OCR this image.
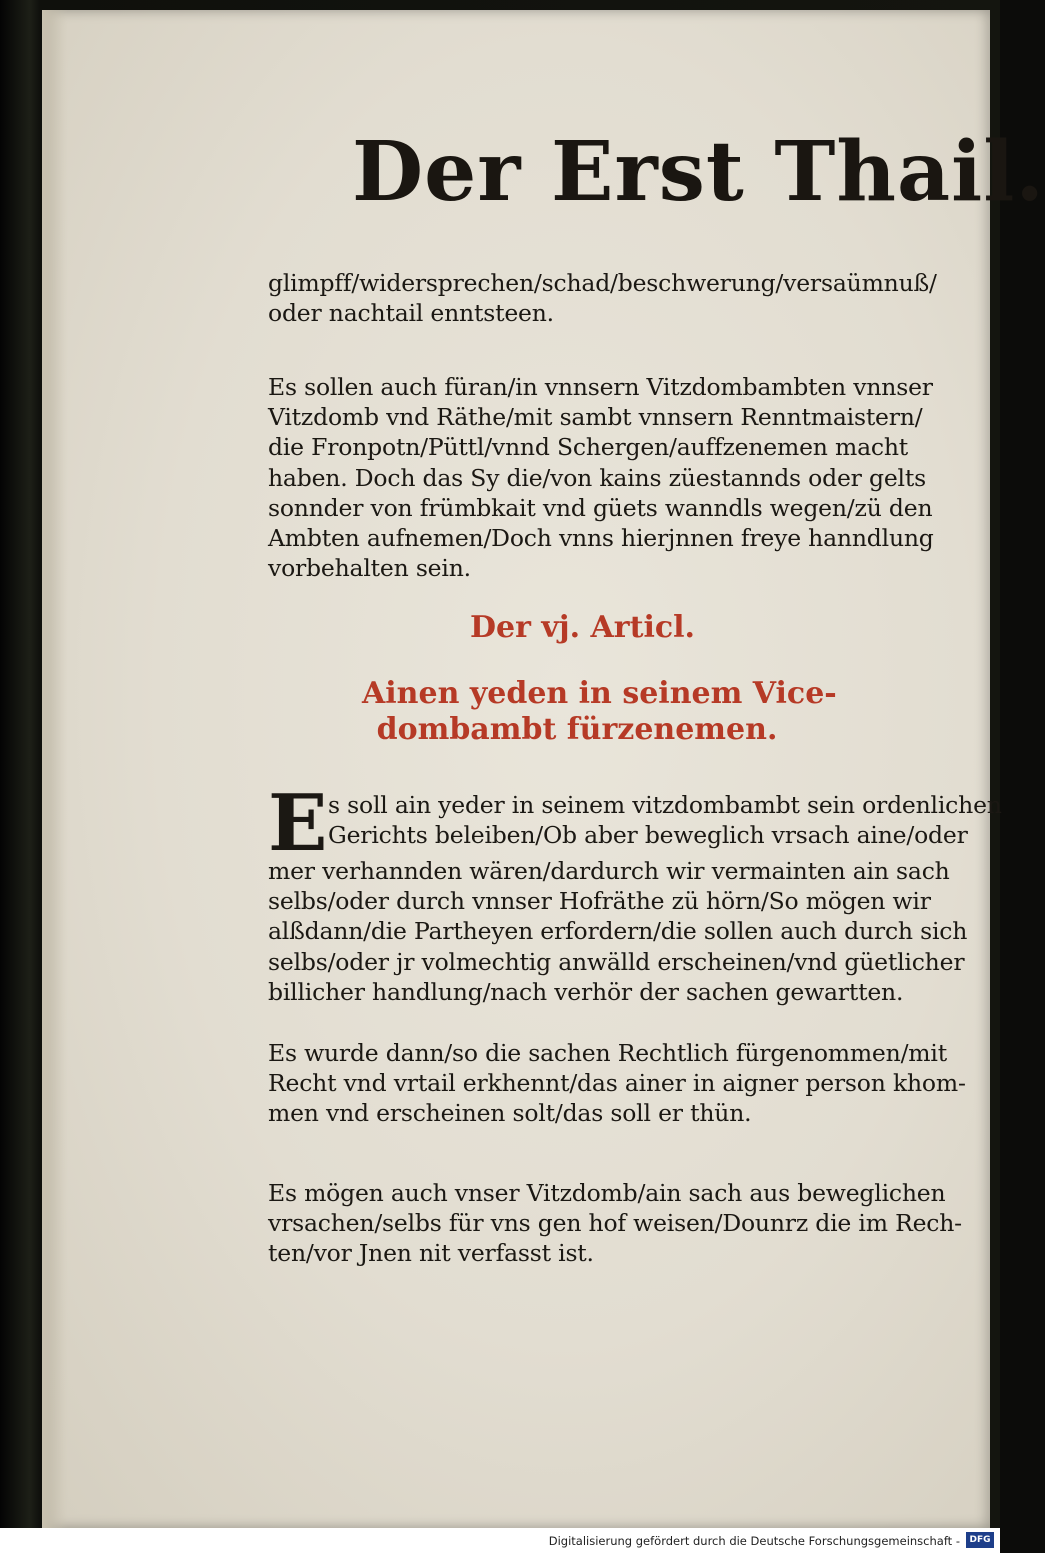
Der Erst Thail.
glimpff/widersprechen/schad/beschwerung/versaümnuß/
oder nachtail enntsteen.
Es sollen auch füran/in vnnsern Vitzdombambten vnnser
Vitzdomb vnd Räthe/mit sambt vnnsern Renntmaistern/
die Fronpotn/Püttl/vnnd Schergen/auffzenemen macht
haben. Doch das Sy die/von kains züestannds oder gelts
sonnder von frümbkait vnd güets wanndls wegen/zü den
Ambten aufnemen/Doch vnns hierjnnen freye hanndlung
vorbehalten sein.
Der vj. Articl.
Ainen yeden in seinem Vice-
dombambt fürzenemen.
E s soll ain yeder in seinem vitzdombambt sein ordenlichen
Gerichts beleiben/Ob aber beweglich vrsach aine/oder
mer verhannden wären/dardurch wir vermainten ain sach
selbs/oder durch vnnser Hofräthe zü hörn/So mögen wir
alßdann/die Partheyen erfordern/die sollen auch durch sich
selbs/oder jr volmechtig anwälld erscheinen/vnd güetlicher
billicher handlung/nach verhör der sachen gewartten.
Es wurde dann/so die sachen Rechtlich fürgenommen/mit
Recht vnd vrtail erkhennt/das ainer in aigner person khom-
men vnd erscheinen solt/das soll er thün.
Es mögen auch vnser Vitzdomb/ain sach aus beweglichen
vrsachen/selbs für vns gen hof weisen/Dounrz die im Rech-
ten/vor Jnen nit verfasst ist.
Digitalisierung gefördert durch die Deutsche Forschungsgemeinschaft -	DFG
